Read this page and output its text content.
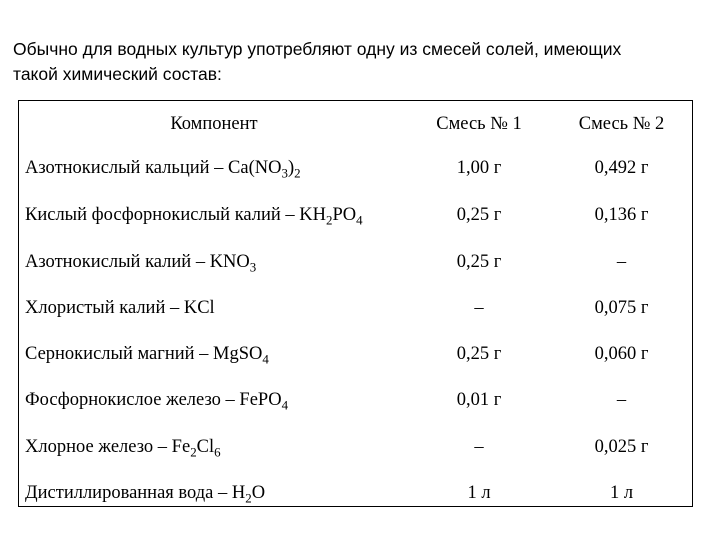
Обычно для водных культур употребляют одну из смесей солей, имеющих
такой химический состав:
Компонент	Смесь № 1	Смесь № 2
Азотнокислый кальций – $Ca(NO_3)_2$	1,00 г	0,492 г
Кислый фосфорнокислый калий – $KH_2PO_4$	0,25 г	0,136 г
Азотнокислый калий – $KNO_3$	0,25 г	–
Хлористый калий – KCl	–	0,075 г
Сернокислый магний – MgSO$_4$	0,25 г	0,060 г
Фосфорнокислое железо – FePO$_4$	0,01 г	–
Хлорное железо – $Fe_2Cl_6$	–	0,025 г
Дистиллированная вода – $H_2O$	1 л	1 л
